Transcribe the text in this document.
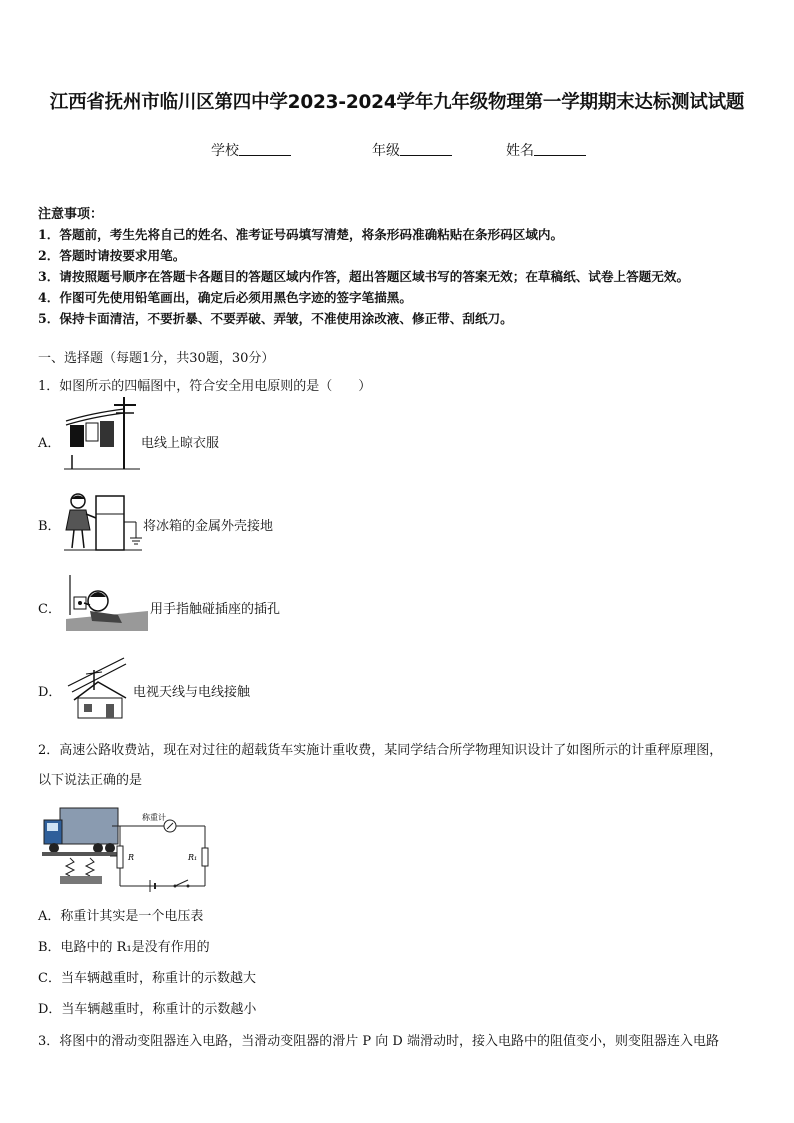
江西省抚州市临川区第四中学2023-2024学年九年级物理第一学期期末达标测试试题
学校	年级	姓名
注意事项：
1．答题前，考生先将自己的姓名、准考证号码填写清楚，将条形码准确粘贴在条形码区域内。
2．答题时请按要求用笔。
3．请按照题号顺序在答题卡各题目的答题区域内作答，超出答题区域书写的答案无效；在草稿纸、试卷上答题无效。
4．作图可先使用铅笔画出，确定后必须用黑色字迹的签字笔描黑。
5．保持卡面清洁，不要折暴、不要弄破、弄皱，不准使用涂改液、修正带、刮纸刀。
一、选择题（每题1分，共30题，30分）
1．如图所示的四幅图中，符合安全用电原则的是（　　）
A．	电线上晾衣服
B．	将冰箱的金属外壳接地
C．	用手指触碰插座的插孔
D．	电视天线与电线接触
2．高速公路收费站，现在对过往的超载货车实施计重收费，某同学结合所学物理知识设计了如图所示的计重秤原理图，
以下说法正确的是
称重计
R	R₁
A．称重计其实是一个电压表
B．电路中的 R₁是没有作用的
C．当车辆越重时，称重计的示数越大
D．当车辆越重时，称重计的示数越小
3．将图中的滑动变阻器连入电路，当滑动变阻器的滑片 P 向 D 端滑动时，接入电路中的阻值变小，则变阻器连入电路
